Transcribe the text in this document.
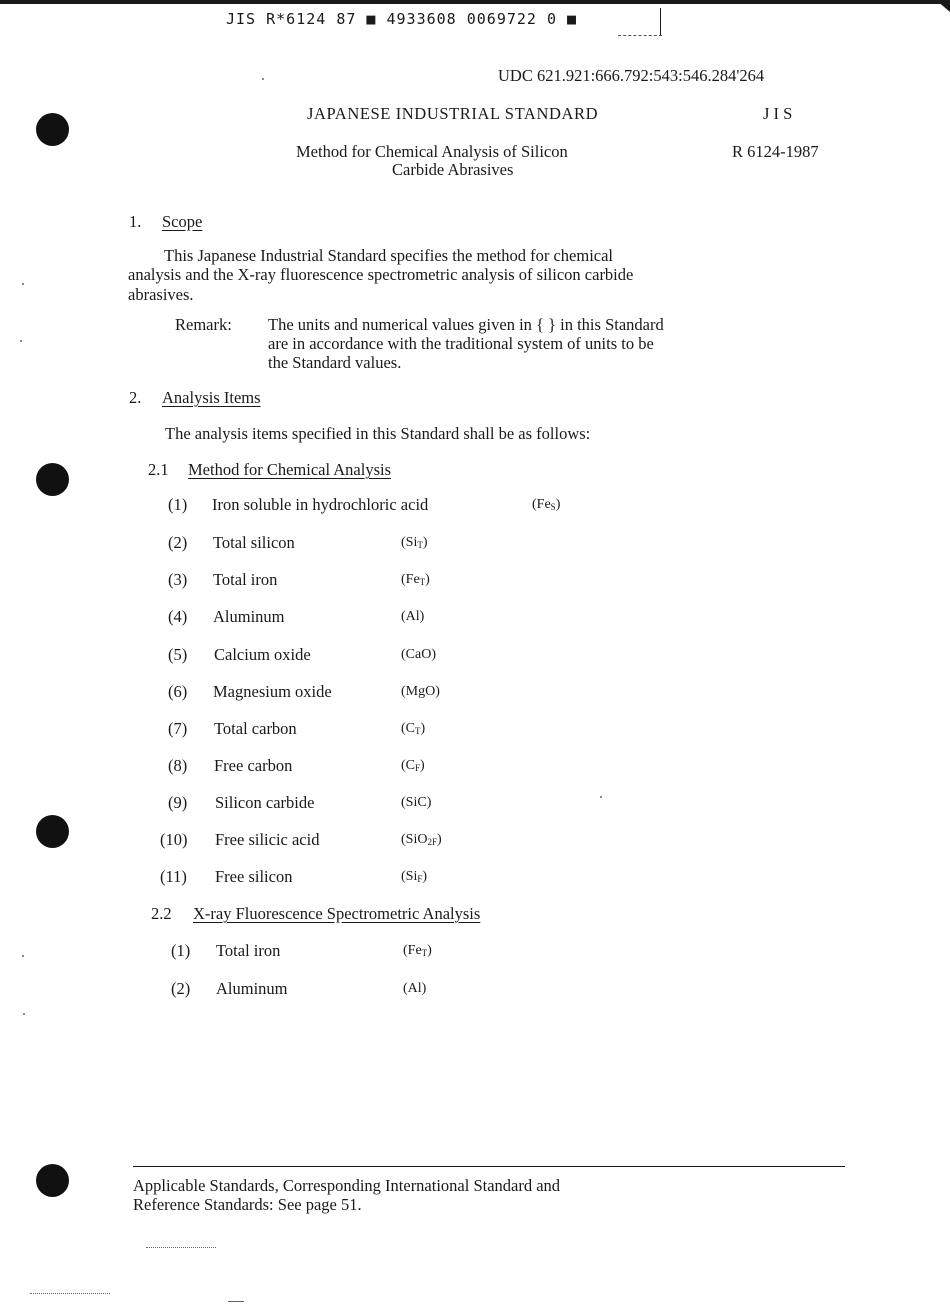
JIS R*6124 87 ■ 4933608 0069722 0 ■
UDC 621.921:666.792:543:546.284'264
JAPANESE INDUSTRIAL STANDARD	J I S
Method for Chemical Analysis of Silicon	R 6124-1987
Carbide Abrasives
1. Scope
This Japanese Industrial Standard specifies the method for chemical
analysis and the X-ray fluorescence spectrometric analysis of silicon carbide
abrasives.
Remark: The units and numerical values given in { } in this Standard
are in accordance with the traditional system of units to be
the Standard values.
2. Analysis Items
The analysis items specified in this Standard shall be as follows:
2.1 Method for Chemical Analysis
(1) Iron soluble in hydrochloric acid	$(Fe_S)$
(2) Total silicon	$(Si_T)$
(3) Total iron	$(Fe_T)$
(4) Aluminum	(Al)
(5) Calcium oxide	(CaO)
(6) Magnesium oxide	(MgO)
(7) Total carbon	$(C_T)$
(8) Free carbon	$(C_F)$
(9) Silicon carbide	(SiC)
(10) Free silicic acid	(SiO$_{2F}$)
(11) Free silicon	$(Si_F)$
2.2 X-ray Fluorescence Spectrometric Analysis
(1) Total iron	$(Fe_T)$
(2) Aluminum	(Al)
Applicable Standards, Corresponding International Standard and
Reference Standards: See page 51.
